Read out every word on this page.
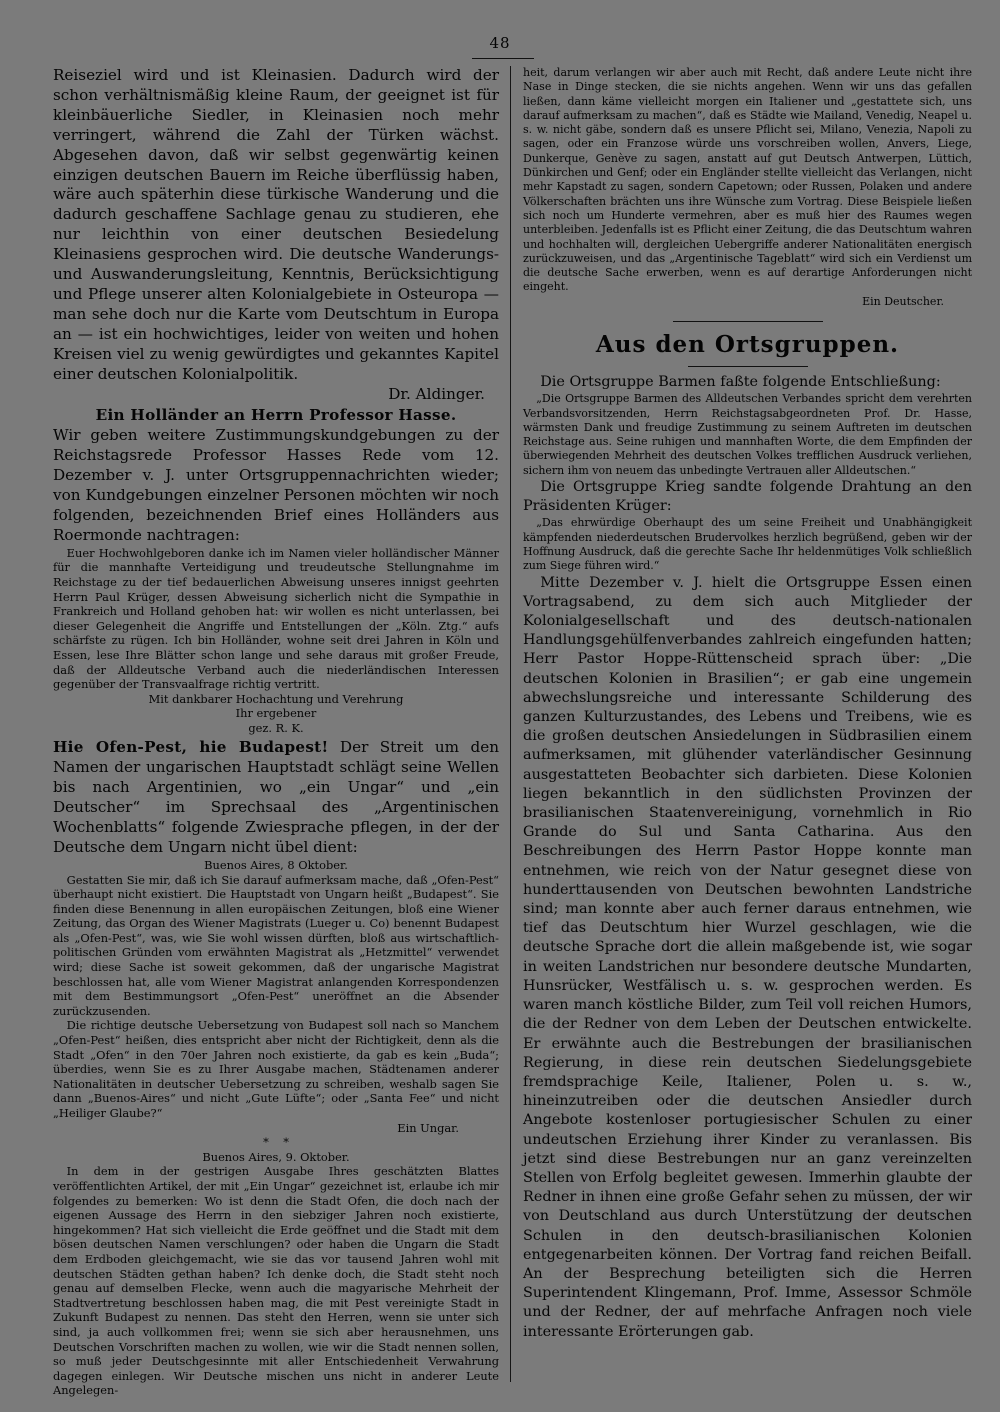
48

Reiseziel wird und ist Kleinasien. Dadurch wird der schon verhältnismäßig kleine Raum, der geeignet ist für kleinbäuerliche Siedler, in Kleinasien noch mehr verringert, während die Zahl der Türken wächst. Abgesehen davon, daß wir selbst gegenwärtig keinen einzigen deutschen Bauern im Reiche überflüssig haben, wäre auch späterhin diese türkische Wanderung und die dadurch geschaffene Sachlage genau zu studieren, ehe nur leichthin von einer deutschen Besiedelung Kleinasiens gesprochen wird. Die deutsche Wanderungs- und Auswanderungsleitung, Kenntnis, Berücksichtigung und Pflege unserer alten Kolonialgebiete in Osteuropa — man sehe doch nur die Karte vom Deutschtum in Europa an — ist ein hochwichtiges, leider von weiten und hohen Kreisen viel zu wenig gewürdigtes und gekanntes Kapitel einer deutschen Kolonialpolitik.

Dr. Aldinger.

Ein Holländer an Herrn Professor Hasse.

Wir geben weitere Zustimmungskundgebungen zu der Reichstagsrede Professor Hasses Rede vom 12. Dezember v. J. unter Ortsgruppennachrichten wieder; von Kundgebungen einzelner Personen möchten wir noch folgenden, bezeichnenden Brief eines Holländers aus Roermonde nachtragen:

Euer Hochwohlgeboren danke ich im Namen vieler holländischer Männer für die mannhafte Verteidigung und treudeutsche Stellungnahme im Reichstage zu der tief bedauerlichen Abweisung unseres innigst geehrten Herrn Paul Krüger, dessen Abweisung sicherlich nicht die Sympathie in Frankreich und Holland gehoben hat: wir wollen es nicht unterlassen, bei dieser Gelegenheit die Angriffe und Entstellungen der „Köln. Ztg.“ aufs schärfste zu rügen. Ich bin Holländer, wohne seit drei Jahren in Köln und Essen, lese Ihre Blätter schon lange und sehe daraus mit großer Freude, daß der Alldeutsche Verband auch die niederländischen Interessen gegenüber der Transvaalfrage richtig vertritt.

Mit dankbarer Hochachtung und Verehrung

Ihr ergebener

gez. R. K.

Hie Ofen-Pest, hie Budapest! Der Streit um den Namen der ungarischen Hauptstadt schlägt seine Wellen bis nach Argentinien, wo „ein Ungar“ und „ein Deutscher“ im Sprechsaal des „Argentinischen Wochenblatts“ folgende Zwiesprache pflegen, in der der Deutsche dem Ungarn nicht übel dient:

Buenos Aires, 8 Oktober.

Gestatten Sie mir, daß ich Sie darauf aufmerksam mache, daß „Ofen-Pest“ überhaupt nicht existiert. Die Hauptstadt von Ungarn heißt „Budapest“. Sie finden diese Benennung in allen europäischen Zeitungen, bloß eine Wiener Zeitung, das Organ des Wiener Magistrats (Lueger u. Co) benennt Budapest als „Ofen-Pest“, was, wie Sie wohl wissen dürften, bloß aus wirtschaftlich-politischen Gründen vom erwähnten Magistrat als „Hetzmittel“ verwendet wird; diese Sache ist soweit gekommen, daß der ungarische Magistrat beschlossen hat, alle vom Wiener Magistrat anlangenden Korrespondenzen mit dem Bestimmungsort „Ofen-Pest“ uneröffnet an die Absender zurückzusenden.

Die richtige deutsche Uebersetzung von Budapest soll nach so Manchem „Ofen-Pest“ heißen, dies entspricht aber nicht der Richtigkeit, denn als die Stadt „Ofen“ in den 70er Jahren noch existierte, da gab es kein „Buda“; überdies, wenn Sie es zu Ihrer Ausgabe machen, Städtenamen anderer Nationalitäten in deutscher Uebersetzung zu schreiben, weshalb sagen Sie dann „Buenos-Aires“ und nicht „Gute Lüfte“; oder „Santa Fee“ und nicht „Heiliger Glaube?“

Ein Ungar.

*    *

Buenos Aires, 9. Oktober.

In dem in der gestrigen Ausgabe Ihres geschätzten Blattes veröffentlichten Artikel, der mit „Ein Ungar“ gezeichnet ist, erlaube ich mir folgendes zu bemerken: Wo ist denn die Stadt Ofen, die doch nach der eigenen Aussage des Herrn in den siebziger Jahren noch existierte, hingekommen? Hat sich vielleicht die Erde geöffnet und die Stadt mit dem bösen deutschen Namen verschlungen? oder haben die Ungarn die Stadt dem Erdboden gleichgemacht, wie sie das vor tausend Jahren wohl mit deutschen Städten gethan haben? Ich denke doch, die Stadt steht noch genau auf demselben Flecke, wenn auch die magyarische Mehrheit der Stadtvertretung beschlossen haben mag, die mit Pest vereinigte Stadt in Zukunft Budapest zu nennen. Das steht den Herren, wenn sie unter sich sind, ja auch vollkommen frei; wenn sie sich aber herausnehmen, uns Deutschen Vorschriften machen zu wollen, wie wir die Stadt nennen sollen, so muß jeder Deutschgesinnte mit aller Entschiedenheit Verwahrung dagegen einlegen. Wir Deutsche mischen uns nicht in anderer Leute Angelegen-

heit, darum verlangen wir aber auch mit Recht, daß andere Leute nicht ihre Nase in Dinge stecken, die sie nichts angehen. Wenn wir uns das gefallen ließen, dann käme vielleicht morgen ein Italiener und „gestattete sich, uns darauf aufmerksam zu machen“, daß es Städte wie Mailand, Venedig, Neapel u. s. w. nicht gäbe, sondern daß es unsere Pflicht sei, Milano, Venezia, Napoli zu sagen, oder ein Franzose würde uns vorschreiben wollen, Anvers, Liege, Dunkerque, Genève zu sagen, anstatt auf gut Deutsch Antwerpen, Lüttich, Dünkirchen und Genf; oder ein Engländer stellte vielleicht das Verlangen, nicht mehr Kapstadt zu sagen, sondern Capetown; oder Russen, Polaken und andere Völkerschaften brächten uns ihre Wünsche zum Vortrag. Diese Beispiele ließen sich noch um Hunderte vermehren, aber es muß hier des Raumes wegen unterbleiben. Jedenfalls ist es Pflicht einer Zeitung, die das Deutschtum wahren und hochhalten will, dergleichen Uebergriffe anderer Nationalitäten energisch zurückzuweisen, und das „Argentinische Tageblatt“ wird sich ein Verdienst um die deutsche Sache erwerben, wenn es auf derartige Anforderungen nicht eingeht.

Ein Deutscher.

Aus den Ortsgruppen.

Die Ortsgruppe Barmen faßte folgende Entschließung:

„Die Ortsgruppe Barmen des Alldeutschen Verbandes spricht dem verehrten Verbandsvorsitzenden, Herrn Reichstagsabgeordneten Prof. Dr. Hasse, wärmsten Dank und freudige Zustimmung zu seinem Auftreten im deutschen Reichstage aus. Seine ruhigen und mannhaften Worte, die dem Empfinden der überwiegenden Mehrheit des deutschen Volkes trefflichen Ausdruck verliehen, sichern ihm von neuem das unbedingte Vertrauen aller Alldeutschen.“

Die Ortsgruppe Krieg sandte folgende Drahtung an den Präsidenten Krüger:

„Das ehrwürdige Oberhaupt des um seine Freiheit und Unabhängigkeit kämpfenden niederdeutschen Brudervolkes herzlich begrüßend, geben wir der Hoffnung Ausdruck, daß die gerechte Sache Ihr heldenmütiges Volk schließlich zum Siege führen wird.“

Mitte Dezember v. J. hielt die Ortsgruppe Essen einen Vortragsabend, zu dem sich auch Mitglieder der Kolonialgesellschaft und des deutsch-nationalen Handlungsgehülfenverbandes zahlreich eingefunden hatten; Herr Pastor Hoppe-Rüttenscheid sprach über: „Die deutschen Kolonien in Brasilien“; er gab eine ungemein abwechslungsreiche und interessante Schilderung des ganzen Kulturzustandes, des Lebens und Treibens, wie es die großen deutschen Ansiedelungen in Südbrasilien einem aufmerksamen, mit glühender vaterländischer Gesinnung ausgestatteten Beobachter sich darbieten. Diese Kolonien liegen bekanntlich in den südlichsten Provinzen der brasilianischen Staatenvereinigung, vornehmlich in Rio Grande do Sul und Santa Catharina. Aus den Beschreibungen des Herrn Pastor Hoppe konnte man entnehmen, wie reich von der Natur gesegnet diese von hunderttausenden von Deutschen bewohnten Landstriche sind; man konnte aber auch ferner daraus entnehmen, wie tief das Deutschtum hier Wurzel geschlagen, wie die deutsche Sprache dort die allein maßgebende ist, wie sogar in weiten Landstrichen nur besondere deutsche Mundarten, Hunsrücker, Westfälisch u. s. w. gesprochen werden. Es waren manch köstliche Bilder, zum Teil voll reichen Humors, die der Redner von dem Leben der Deutschen entwickelte. Er erwähnte auch die Bestrebungen der brasilianischen Regierung, in diese rein deutschen Siedelungsgebiete fremdsprachige Keile, Italiener, Polen u. s. w., hineinzutreiben oder die deutschen Ansiedler durch Angebote kostenloser portugiesischer Schulen zu einer undeutschen Erziehung ihrer Kinder zu veranlassen. Bis jetzt sind diese Bestrebungen nur an ganz vereinzelten Stellen von Erfolg begleitet gewesen. Immerhin glaubte der Redner in ihnen eine große Gefahr sehen zu müssen, der wir von Deutschland aus durch Unterstützung der deutschen Schulen in den deutsch-brasilianischen Kolonien entgegenarbeiten können. Der Vortrag fand reichen Beifall. An der Besprechung beteiligten sich die Herren Superintendent Klingemann, Prof. Imme, Assessor Schmöle und der Redner, der auf mehrfache Anfragen noch viele interessante Erörterungen gab.
